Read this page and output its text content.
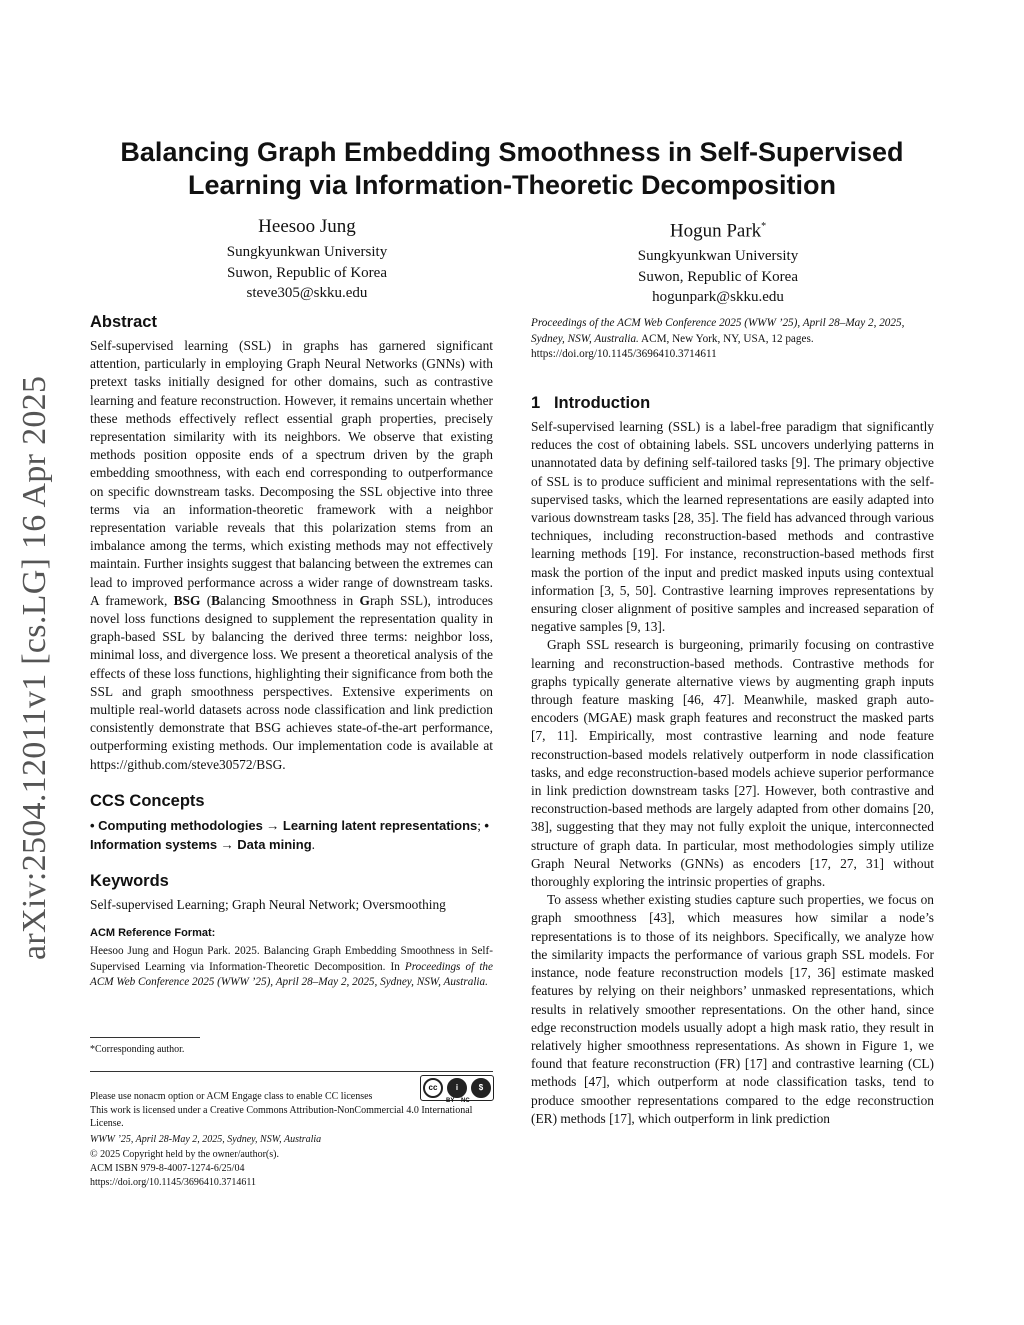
arXiv:2504.12011v1 [cs.LG] 16 Apr 2025
Balancing Graph Embedding Smoothness in Self-Supervised Learning via Information-Theoretic Decomposition
Heesoo Jung
Sungkyunkwan University
Suwon, Republic of Korea
steve305@skku.edu
Hogun Park*
Sungkyunkwan University
Suwon, Republic of Korea
hogunpark@skku.edu
Abstract

Self-supervised learning (SSL) in graphs has garnered significant attention, particularly in employing Graph Neural Networks (GNNs) with pretext tasks initially designed for other domains, such as contrastive learning and feature reconstruction. However, it remains uncertain whether these methods effectively reflect essential graph properties, precisely representation similarity with its neighbors. We observe that existing methods position opposite ends of a spectrum driven by the graph embedding smoothness, with each end corresponding to outperformance on specific downstream tasks. Decomposing the SSL objective into three terms via an information-theoretic framework with a neighbor representation variable reveals that this polarization stems from an imbalance among the terms, which existing methods may not effectively maintain. Further insights suggest that balancing between the extremes can lead to improved performance across a wider range of downstream tasks. A framework, BSG (Balancing Smoothness in Graph SSL), introduces novel loss functions designed to supplement the representation quality in graph-based SSL by balancing the derived three terms: neighbor loss, minimal loss, and divergence loss. We present a theoretical analysis of the effects of these loss functions, highlighting their significance from both the SSL and graph smoothness perspectives. Extensive experiments on multiple real-world datasets across node classification and link prediction consistently demonstrate that BSG achieves state-of-the-art performance, outperforming existing methods. Our implementation code is available at https://github.com/steve30572/BSG.

CCS Concepts

• Computing methodologies → Learning latent representations; • Information systems → Data mining.

Keywords

Self-supervised Learning; Graph Neural Network; Oversmoothing

ACM Reference Format:

Heesoo Jung and Hogun Park. 2025. Balancing Graph Embedding Smoothness in Self-Supervised Learning via Information-Theoretic Decomposition. In Proceedings of the ACM Web Conference 2025 (WWW ’25), April 28–May 2, 2025, Sydney, NSW, Australia.

*Corresponding author.
cc	i	$
BY NC
Please use nonacm option or ACM Engage class to enable CC licenses
This work is licensed under a Creative Commons Attribution-NonCommercial 4.0 International License.
WWW ’25, April 28-May 2, 2025, Sydney, NSW, Australia
© 2025 Copyright held by the owner/author(s).
ACM ISBN 979-8-4007-1274-6/25/04
https://doi.org/10.1145/3696410.3714611
Proceedings of the ACM Web Conference 2025 (WWW ’25), April 28–May 2, 2025, Sydney, NSW, Australia. ACM, New York, NY, USA, 12 pages.
https://doi.org/10.1145/3696410.3714611
1 Introduction

Self-supervised learning (SSL) is a label-free paradigm that significantly reduces the cost of obtaining labels. SSL uncovers underlying patterns in unannotated data by defining self-tailored tasks [9]. The primary objective of SSL is to produce sufficient and minimal representations with the self-supervised tasks, which the learned representations are easily adapted into various downstream tasks [28, 35]. The field has advanced through various techniques, including reconstruction-based methods and contrastive learning methods [19]. For instance, reconstruction-based methods first mask the portion of the input and predict masked inputs using contextual information [3, 5, 50]. Contrastive learning improves representations by ensuring closer alignment of positive samples and increased separation of negative samples [9, 13].

Graph SSL research is burgeoning, primarily focusing on contrastive learning and reconstruction-based methods. Contrastive methods for graphs typically generate alternative views by augmenting graph inputs through feature masking [46, 47]. Meanwhile, masked graph auto-encoders (MGAE) mask graph features and reconstruct the masked parts [7, 11]. Empirically, most contrastive learning and node feature reconstruction-based models relatively outperform in node classification tasks, and edge reconstruction-based models achieve superior performance in link prediction downstream tasks [27]. However, both contrastive and reconstruction-based methods are largely adapted from other domains [20, 38], suggesting that they may not fully exploit the unique, interconnected structure of graph data. In particular, most methodologies simply utilize Graph Neural Networks (GNNs) as encoders [17, 27, 31] without thoroughly exploring the intrinsic properties of graphs.

To assess whether existing studies capture such properties, we focus on graph smoothness [43], which measures how similar a node’s representations is to those of its neighbors. Specifically, we analyze how the similarity impacts the performance of various graph SSL models. For instance, node feature reconstruction models [17, 36] estimate masked features by relying on their neighbors’ unmasked representations, which results in relatively smoother representations. On the other hand, since edge reconstruction models usually adopt a high mask ratio, they result in relatively higher smoothness representations. As shown in Figure 1, we found that feature reconstruction (FR) [17] and contrastive learning (CL) methods [47], which outperform at node classification tasks, tend to produce smoother representations compared to the edge reconstruction (ER) methods [17], which outperform in link prediction
